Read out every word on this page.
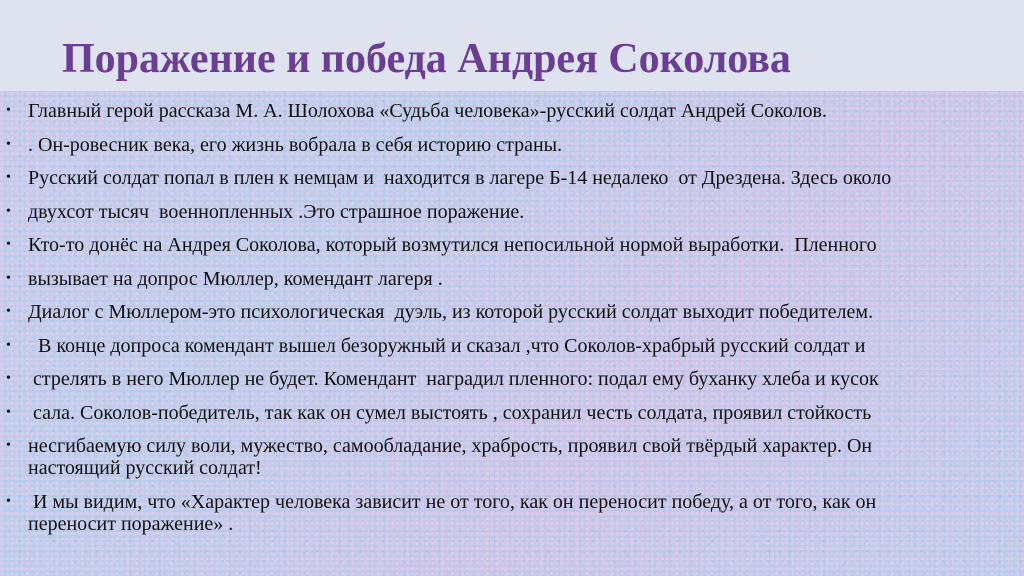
Поражение и победа Андрея Соколова
• Главный герой рассказа М. А. Шолохова «Судьба человека»-русский солдат Андрей Соколов.
• . Он-ровесник века, его жизнь вобрала в себя историю страны.
• Русский солдат попал в плен к немцам и  находится в лагере Б-14 недалеко  от Дрездена. Здесь около
• двухсот тысяч  военнопленных .Это страшное поражение.
• Кто-то донёс на Андрея Соколова, который возмутился непосильной нормой выработки.  Пленного
• вызывает на допрос Мюллер, комендант лагеря .
• Диалог с Мюллером-это психологическая  дуэль, из которой русский солдат выходит победителем.
• В конце допроса комендант вышел безоружный и сказал ,что Соколов-храбрый русский солдат и
• стрелять в него Мюллер не будет. Комендант  наградил пленного: подал ему буханку хлеба и кусок
• сала. Соколов-победитель, так как он сумел выстоять , сохранил честь солдата, проявил стойкость
• несгибаемую силу воли, мужество, самообладание, храбрость, проявил свой твёрдый характер. Он
настоящий русский солдат!
• И мы видим, что «Характер человека зависит не от того, как он переносит победу, а от того, как он
переносит поражение» .
